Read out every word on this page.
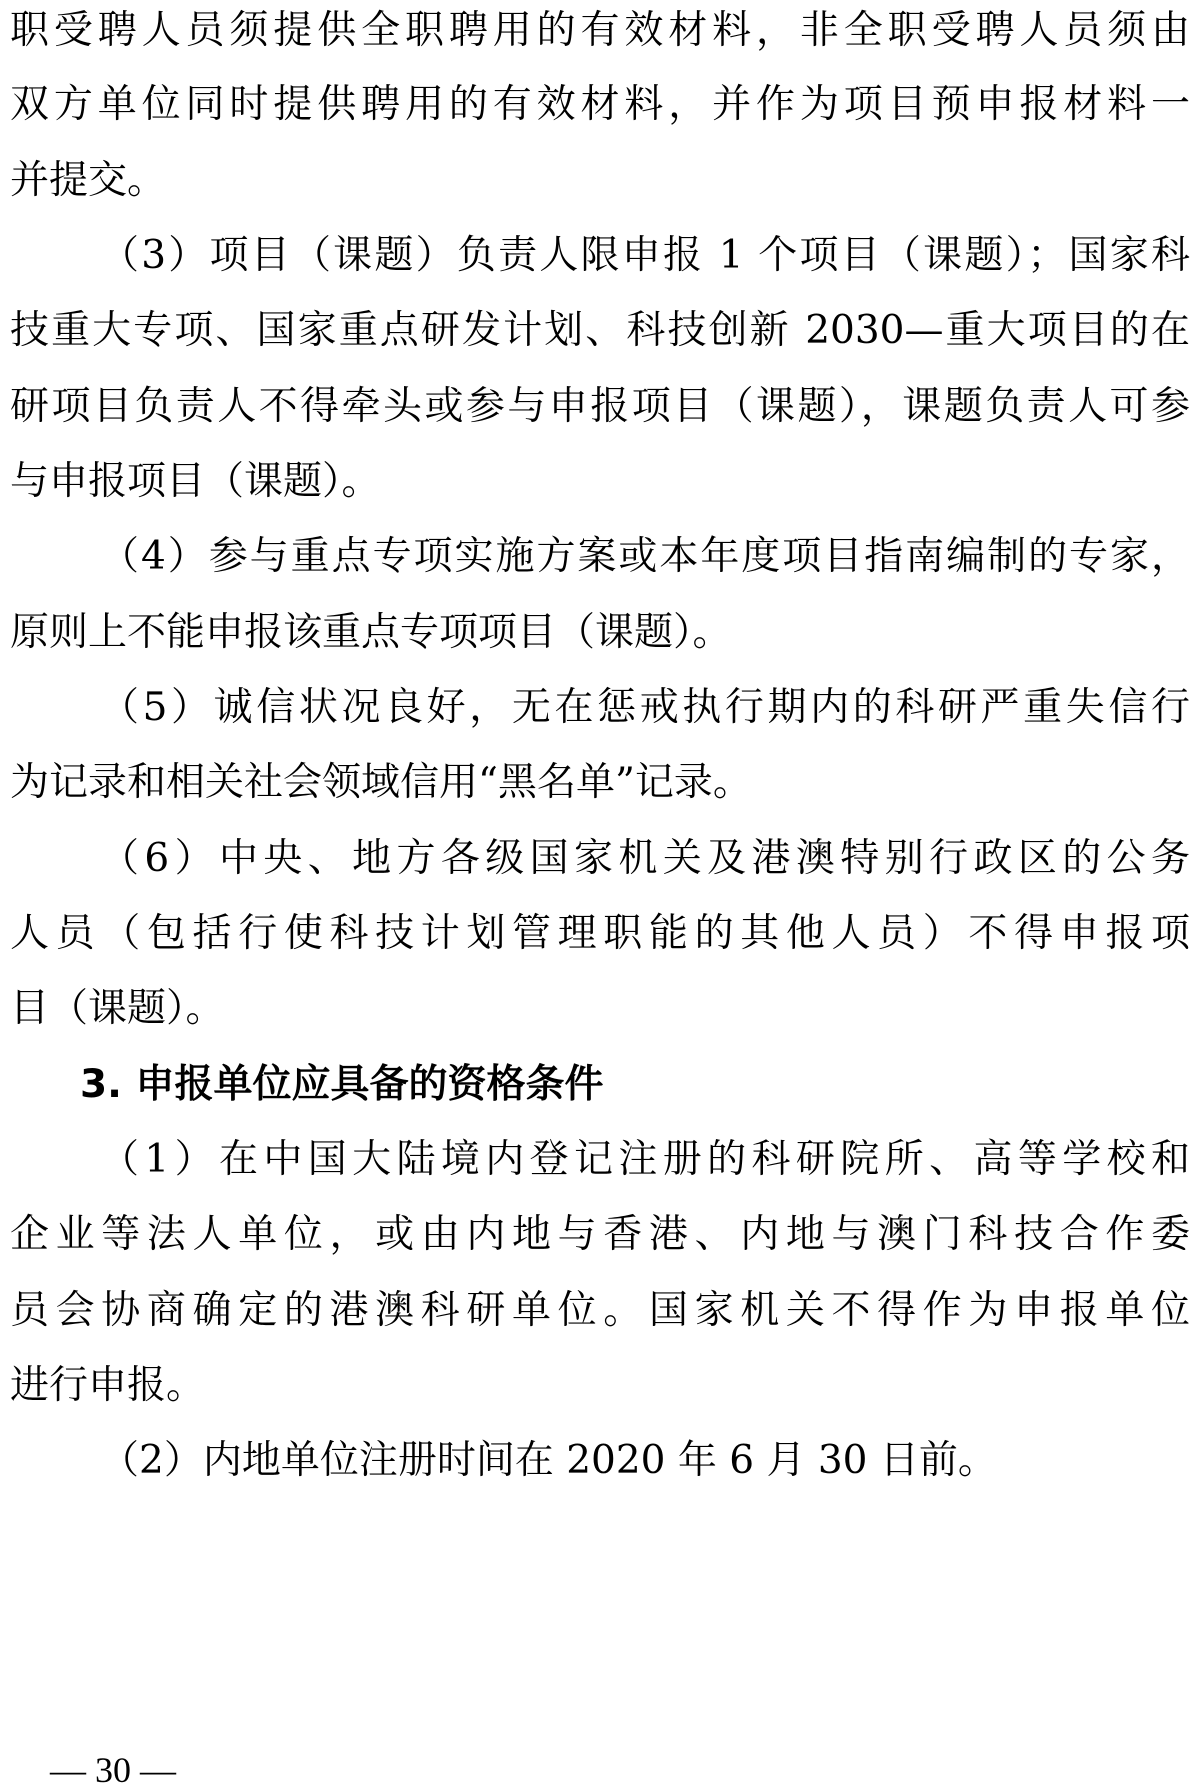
职受聘人员须提供全职聘用的有效材料，非全职受聘人员须由
双方单位同时提供聘用的有效材料，并作为项目预申报材料一
并提交。
（3）项目（课题）负责人限申报 1 个项目（课题）；国家科
技重大专项、国家重点研发计划、科技创新 2030—重大项目的在
研项目负责人不得牵头或参与申报项目（课题），课题负责人可参
与申报项目（课题）。
（4）参与重点专项实施方案或本年度项目指南编制的专家，
原则上不能申报该重点专项项目（课题）。
（5）诚信状况良好，无在惩戒执行期内的科研严重失信行
为记录和相关社会领域信用“黑名单”记录。
（6）中央、地方各级国家机关及港澳特别行政区的公务
人员（包括行使科技计划管理职能的其他人员）不得申报项
目（课题）。
3. 申报单位应具备的资格条件
（1）在中国大陆境内登记注册的科研院所、高等学校和
企业等法人单位，或由内地与香港、内地与澳门科技合作委
员会协商确定的港澳科研单位。国家机关不得作为申报单位
进行申报。
（2）内地单位注册时间在 2020 年 6 月 30 日前。
— 30 —
